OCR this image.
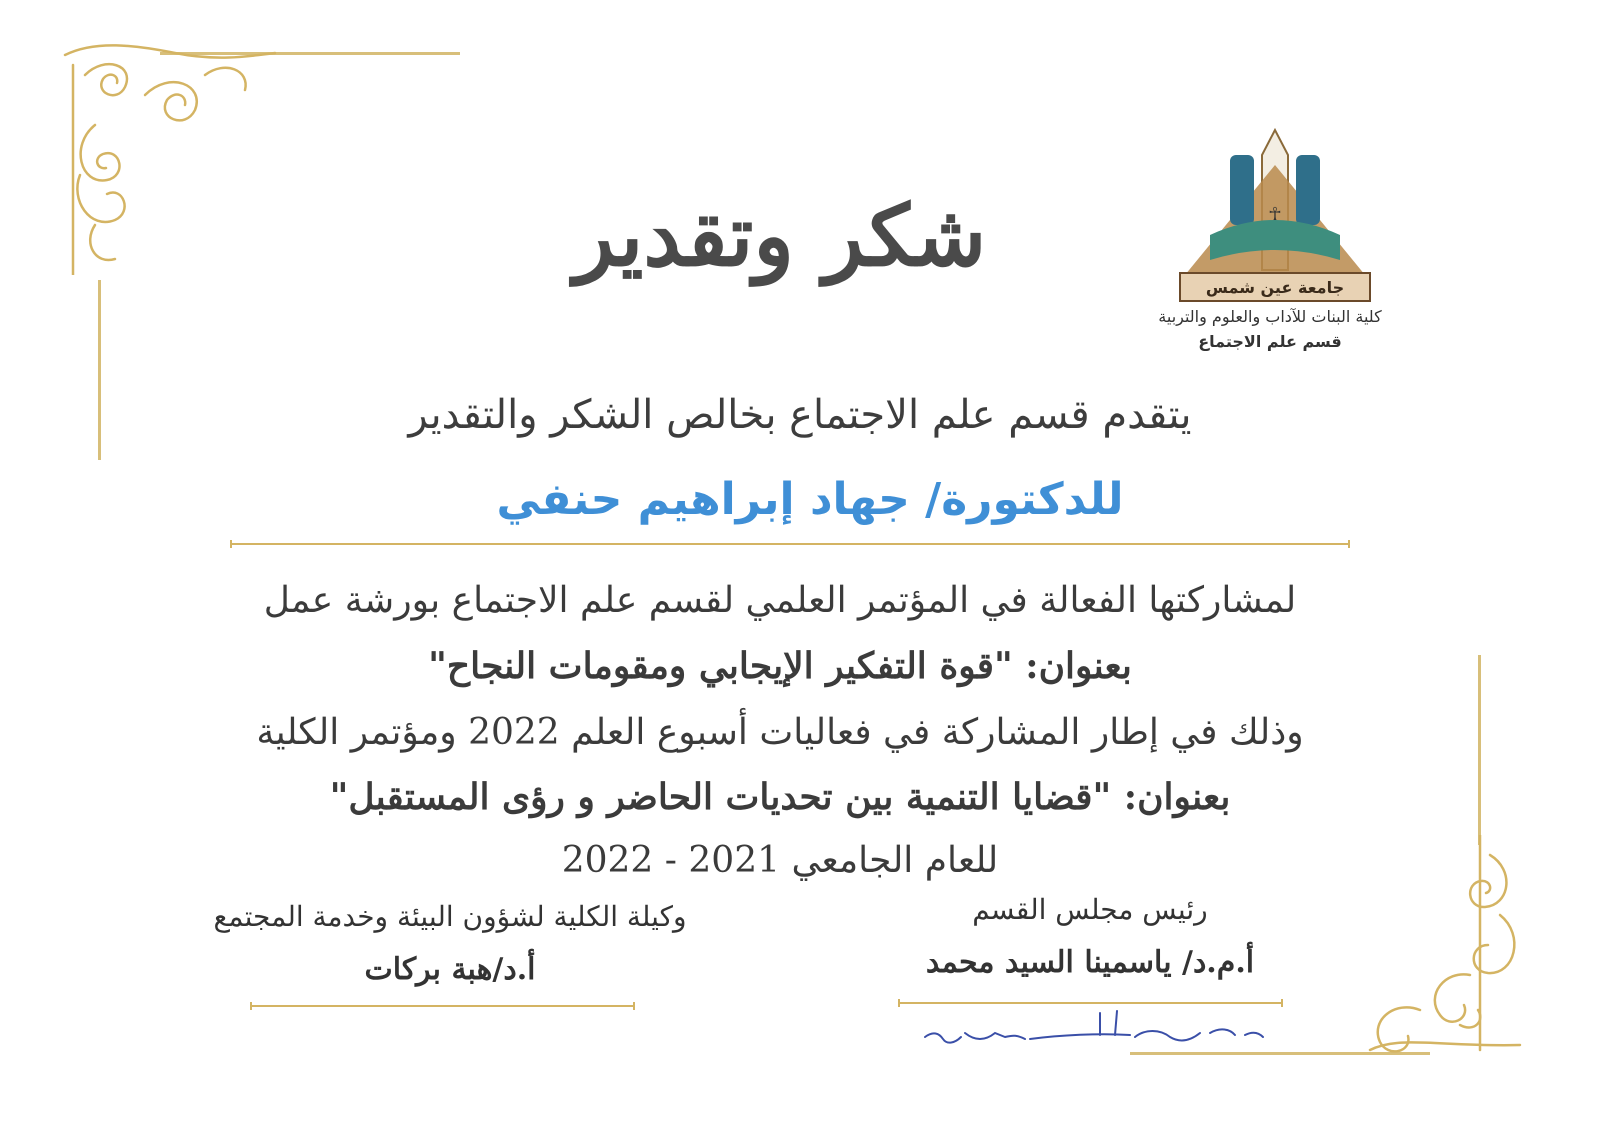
شكر وتقدير	☥
جامعة عين شمس
كلية البنات للآداب والعلوم والتربية
قسم علم الاجتماع
يتقدم قسم علم الاجتماع بخالص الشكر والتقدير
للدكتورة/ جهاد إبراهيم حنفي
لمشاركتها الفعالة في المؤتمر العلمي لقسم علم الاجتماع بورشة عمل
بعنوان: "قوة التفكير الإيجابي ومقومات النجاح"
وذلك في إطار المشاركة في فعاليات أسبوع العلم 2022 ومؤتمر الكلية
بعنوان: "قضايا التنمية بين تحديات الحاضر و رؤى المستقبل"
للعام الجامعي 2021 - 2022
وكيلة الكلية لشؤون البيئة وخدمة المجتمع
أ.د/هبة بركات
رئيس مجلس القسم
أ.م.د/ ياسمينا السيد محمد
